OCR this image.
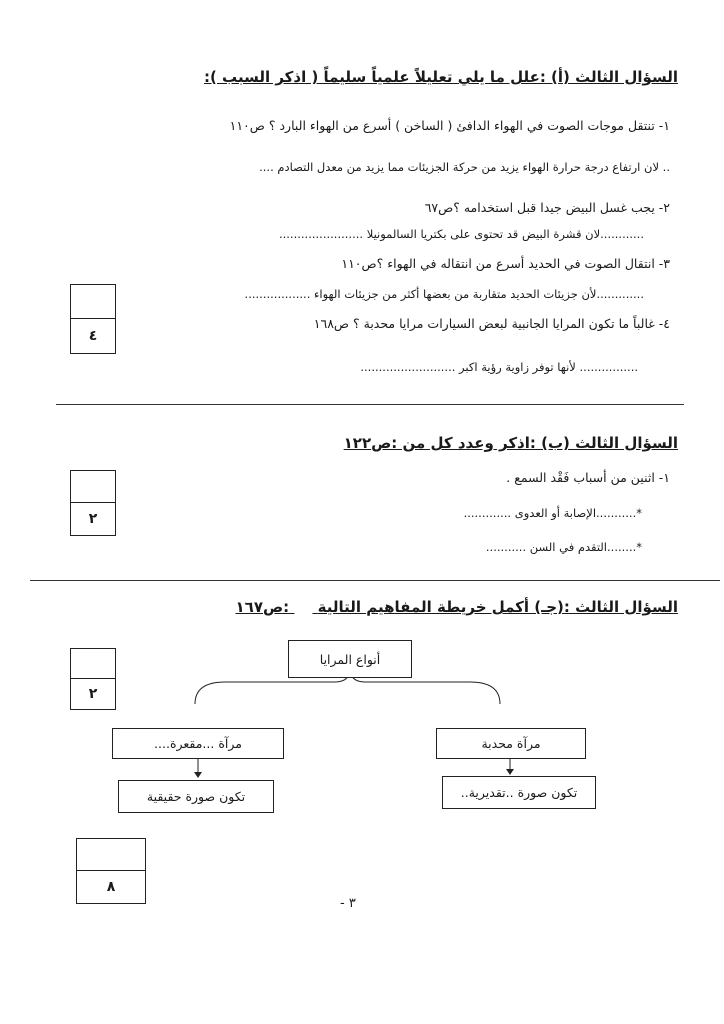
السؤال الثالث (أ) :علل ما يلي تعليلاً علمياً سليماً ( اذكر السبب ):
١- تنتقل موجات الصوت في الهواء الدافئ ( الساخن ) أسرع من الهواء البارد ؟ ص١١٠
.. لان ارتفاع درجة حرارة الهواء يزيد من حركة الجزيئات مما يزيد من معدل التصادم ....
٢- يجب غسل البيض جيدا قبل استخدامه ؟ص٦٧
............لان قشرة البيض قد تحتوى على بكتريا السالمونيلا .......................
٣- انتقال الصوت في الحديد أسرع من انتقاله في الهواء ؟ص١١٠
.............لأن جزيئات الحديد متقاربة من بعضها أكثر من جزيئات الهواء ..................
٤- غالباً ما تكون المرايا الجانبية لبعض السيارات مرايا محدبة ؟ ص١٦٨
................ لأنها توفر زاوية رؤية اكبر ..........................
٤
السؤال الثالث (ب) :اذكر وعدد كل من :ص١٢٢
١- اثنين من أسباب فَقْد السمع .
*...........الإصابة أو العدوى .............
*........التقدم في السن ...........
٢
السؤال الثالث :(جـ) أكمل خريطة المفاهيم التالية  :ص١٦٧
٢
أنواع المرايا
مرآة ...مقعرة....	مرآة محدبة
تكون صورة حقيقية	تكون صورة ..تقديرية..
٨
- ٣
